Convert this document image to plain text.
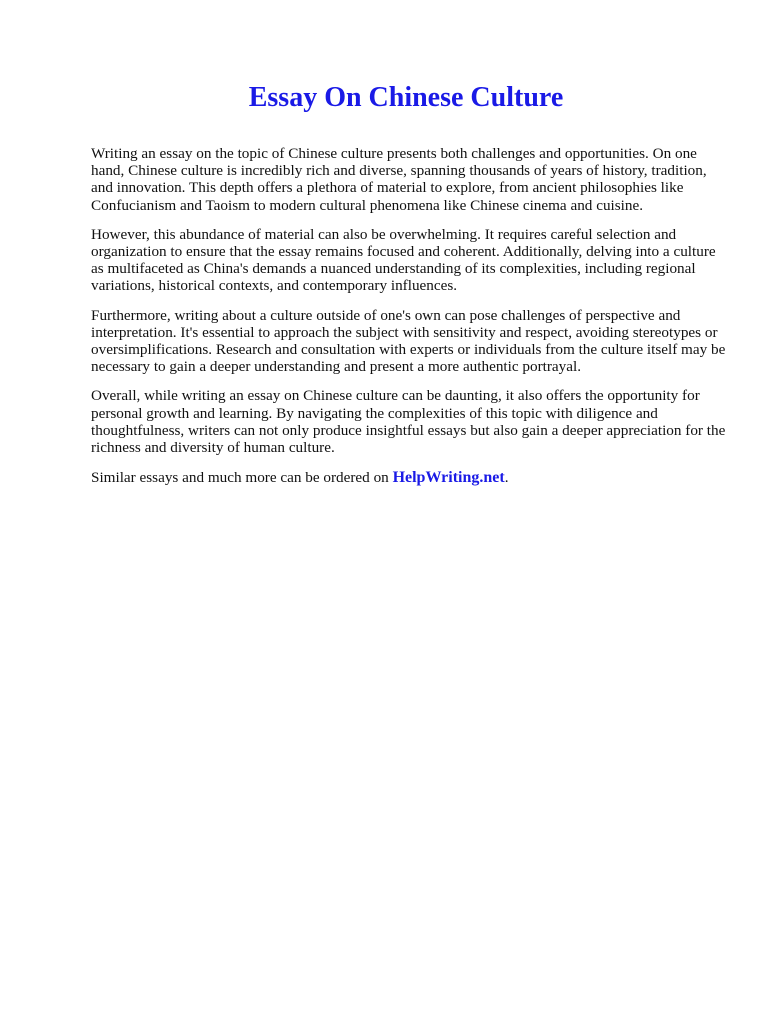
Essay On Chinese Culture

Writing an essay on the topic of Chinese culture presents both challenges and opportunities. On one hand, Chinese culture is incredibly rich and diverse, spanning thousands of years of history, tradition, and innovation. This depth offers a plethora of material to explore, from ancient philosophies like Confucianism and Taoism to modern cultural phenomena like Chinese cinema and cuisine.

However, this abundance of material can also be overwhelming. It requires careful selection and organization to ensure that the essay remains focused and coherent. Additionally, delving into a culture as multifaceted as China's demands a nuanced understanding of its complexities, including regional variations, historical contexts, and contemporary influences.

Furthermore, writing about a culture outside of one's own can pose challenges of perspective and interpretation. It's essential to approach the subject with sensitivity and respect, avoiding stereotypes or oversimplifications. Research and consultation with experts or individuals from the culture itself may be necessary to gain a deeper understanding and present a more authentic portrayal.

Overall, while writing an essay on Chinese culture can be daunting, it also offers the opportunity for personal growth and learning. By navigating the complexities of this topic with diligence and thoughtfulness, writers can not only produce insightful essays but also gain a deeper appreciation for the richness and diversity of human culture.

Similar essays and much more can be ordered on HelpWriting.net.
